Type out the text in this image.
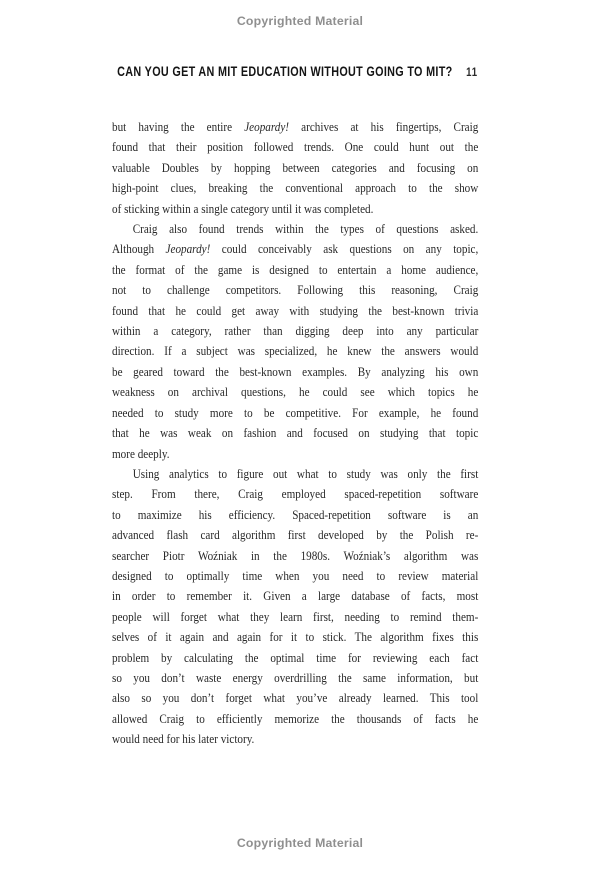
Copyrighted Material
CAN YOU GET AN MIT EDUCATION WITHOUT GOING TO MIT? 11
but having the entire Jeopardy! archives at his fingertips, Craig
found that their position followed trends. One could hunt out the
valuable Doubles by hopping between categories and focusing on
high-point clues, breaking the conventional approach to the show
of sticking within a single category until it was completed.
Craig also found trends within the types of questions asked.
Although Jeopardy! could conceivably ask questions on any topic,
the format of the game is designed to entertain a home audience,
not to challenge competitors. Following this reasoning, Craig
found that he could get away with studying the best-known trivia
within a category, rather than digging deep into any particular
direction. If a subject was specialized, he knew the answers would
be geared toward the best-known examples. By analyzing his own
weakness on archival questions, he could see which topics he
needed to study more to be competitive. For example, he found
that he was weak on fashion and focused on studying that topic
more deeply.
Using analytics to figure out what to study was only the first
step. From there, Craig employed spaced-repetition software
to maximize his efficiency. Spaced-repetition software is an
advanced flash card algorithm first developed by the Polish re-
searcher Piotr Woźniak in the 1980s. Woźniak’s algorithm was
designed to optimally time when you need to review material
in order to remember it. Given a large database of facts, most
people will forget what they learn first, needing to remind them-
selves of it again and again for it to stick. The algorithm fixes this
problem by calculating the optimal time for reviewing each fact
so you don’t waste energy overdrilling the same information, but
also so you don’t forget what you’ve already learned. This tool
allowed Craig to efficiently memorize the thousands of facts he
would need for his later victory.
Copyrighted Material
